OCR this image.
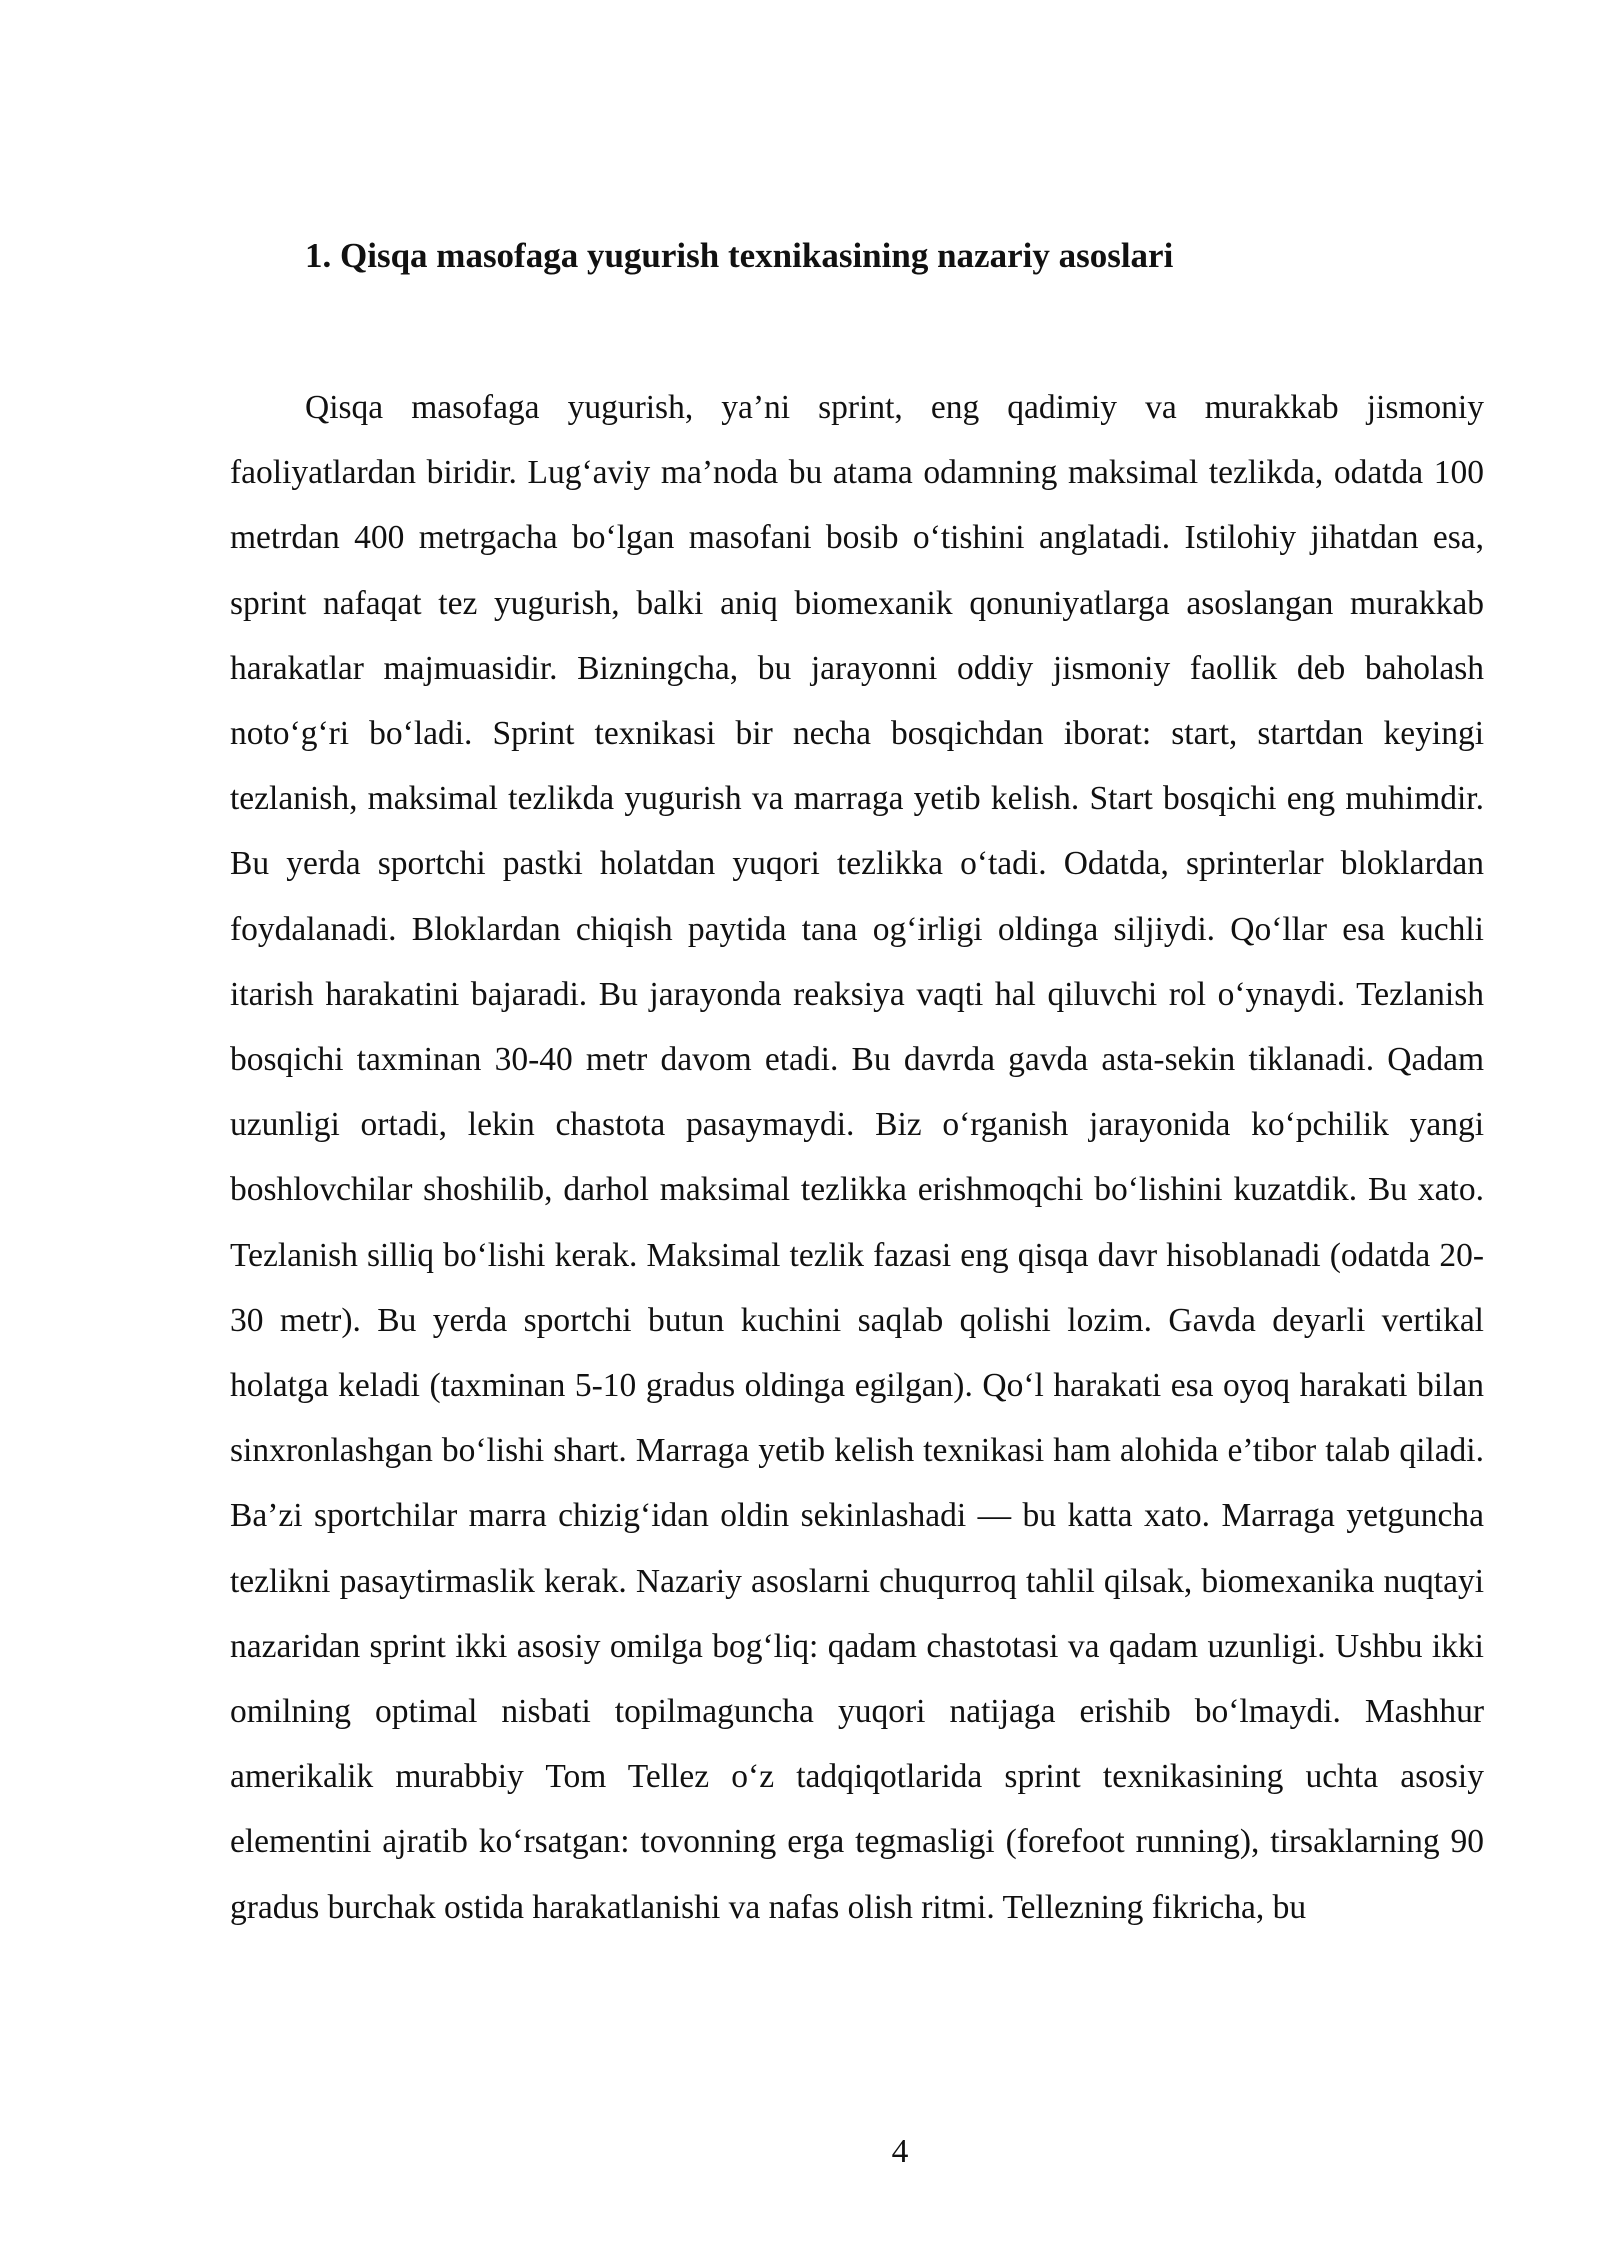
1. Qisqa masofaga yugurish texnikasining nazariy asoslari

Qisqa masofaga yugurish, ya’ni sprint, eng qadimiy va murakkab jismoniy faoliyatlardan biridir. Lug‘aviy ma’noda bu atama odamning maksimal tezlikda, odatda 100 metrdan 400 metrgacha bo‘lgan masofani bosib o‘tishini anglatadi. Istilohiy jihatdan esa, sprint nafaqat tez yugurish, balki aniq biomexanik qonuniyatlarga asoslangan murakkab harakatlar majmuasidir. Bizningcha, bu jarayonni oddiy jismoniy faollik deb baholash noto‘g‘ri bo‘ladi. Sprint texnikasi bir necha bosqichdan iborat: start, startdan keyingi tezlanish, maksimal tezlikda yugurish va marraga yetib kelish. Start bosqichi eng muhimdir. Bu yerda sportchi pastki holatdan yuqori tezlikka o‘tadi. Odatda, sprinterlar bloklardan foydalanadi. Bloklardan chiqish paytida tana og‘irligi oldinga siljiydi. Qo‘llar esa kuchli itarish harakatini bajaradi. Bu jarayonda reaksiya vaqti hal qiluvchi rol o‘ynaydi. Tezlanish bosqichi taxminan 30-40 metr davom etadi. Bu davrda gavda asta-sekin tiklanadi. Qadam uzunligi ortadi, lekin chastota pasaymaydi. Biz o‘rganish jarayonida ko‘pchilik yangi boshlovchilar shoshilib, darhol maksimal tezlikka erishmoqchi bo‘lishini kuzatdik. Bu xato. Tezlanish silliq bo‘lishi kerak. Maksimal tezlik fazasi eng qisqa davr hisoblanadi (odatda 20-30 metr). Bu yerda sportchi butun kuchini saqlab qolishi lozim. Gavda deyarli vertikal holatga keladi (taxminan 5-10 gradus oldinga egilgan). Qo‘l harakati esa oyoq harakati bilan sinxronlashgan bo‘lishi shart. Marraga yetib kelish texnikasi ham alohida e’tibor talab qiladi. Ba’zi sportchilar marra chizig‘idan oldin sekinlashadi — bu katta xato. Marraga yetguncha tezlikni pasaytirmaslik kerak. Nazariy asoslarni chuqurroq tahlil qilsak, biomexanika nuqtayi nazaridan sprint ikki asosiy omilga bog‘liq: qadam chastotasi va qadam uzunligi. Ushbu ikki omilning optimal nisbati topilmaguncha yuqori natijaga erishib bo‘lmaydi. Mashhur amerikalik murabbiy Tom Tellez o‘z tadqiqotlarida sprint texnikasining uchta asosiy elementini ajratib ko‘rsatgan: tovonning erga tegmasligi (forefoot running), tirsaklarning 90 gradus burchak ostida harakatlanishi va nafas olish ritmi. Tellezning fikricha, bu

4
